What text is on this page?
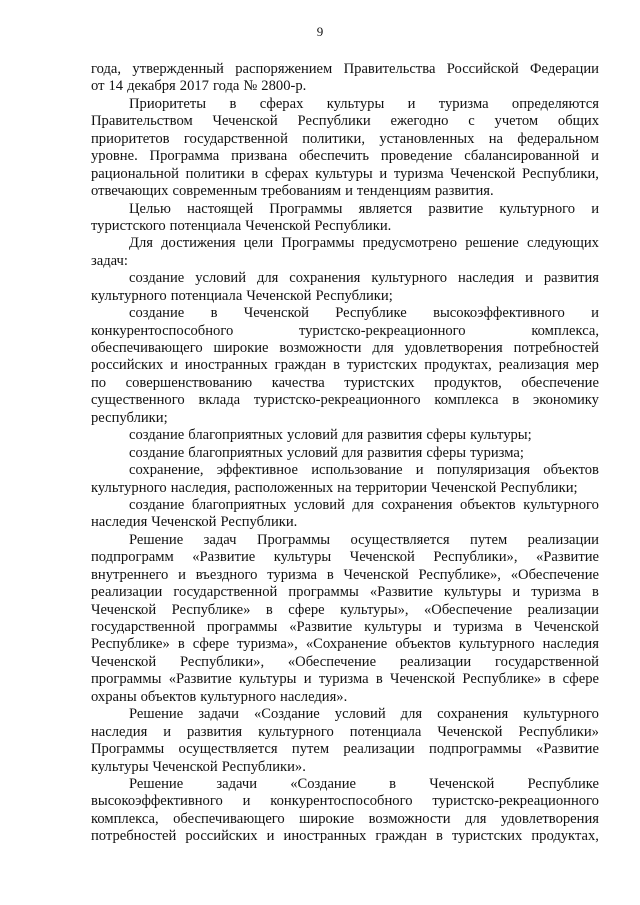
9
года, утвержденный распоряжением Правительства Российской Федерации
от 14 декабря 2017 года № 2800-р.
Приоритеты в сферах культуры и туризма определяются
Правительством Чеченской Республики ежегодно с учетом общих
приоритетов государственной политики, установленных на федеральном
уровне. Программа призвана обеспечить проведение сбалансированной и
рациональной политики в сферах культуры и туризма Чеченской Республики,
отвечающих современным требованиям и тенденциям развития.
Целью настоящей Программы является развитие культурного и
туристского потенциала Чеченской Республики.
Для достижения цели Программы предусмотрено решение следующих
задач:
создание условий для сохранения культурного наследия и развития
культурного потенциала Чеченской Республики;
создание в Чеченской Республике высокоэффективного и
конкурентоспособного	туристско-рекреационного	комплекса,
обеспечивающего широкие возможности для удовлетворения потребностей
российских и иностранных граждан в туристских продуктах, реализация мер
по совершенствованию качества туристских продуктов, обеспечение
существенного вклада туристско-рекреационного комплекса в экономику
республики;
создание благоприятных условий для развития сферы культуры;
создание благоприятных условий для развития сферы туризма;
сохранение, эффективное использование и популяризация объектов
культурного наследия, расположенных на территории Чеченской Республики;
создание благоприятных условий для сохранения объектов культурного
наследия Чеченской Республики.
Решение задач Программы осуществляется путем реализации
подпрограмм «Развитие культуры Чеченской Республики», «Развитие
внутреннего и въездного туризма в Чеченской Республике», «Обеспечение
реализации государственной программы «Развитие культуры и туризма в
Чеченской Республике» в сфере культуры», «Обеспечение реализации
государственной программы «Развитие культуры и туризма в Чеченской
Республике» в сфере туризма», «Сохранение объектов культурного наследия
Чеченской Республики», «Обеспечение реализации государственной
программы «Развитие культуры и туризма в Чеченской Республике» в сфере
охраны объектов культурного наследия».
Решение задачи «Создание условий для сохранения культурного
наследия и развития культурного потенциала Чеченской Республики»
Программы осуществляется путем реализации подпрограммы «Развитие
культуры Чеченской Республики».
Решение задачи «Создание в Чеченской Республике
высокоэффективного и конкурентоспособного туристско-рекреационного
комплекса, обеспечивающего широкие возможности для удовлетворения
потребностей российских и иностранных граждан в туристских продуктах,
